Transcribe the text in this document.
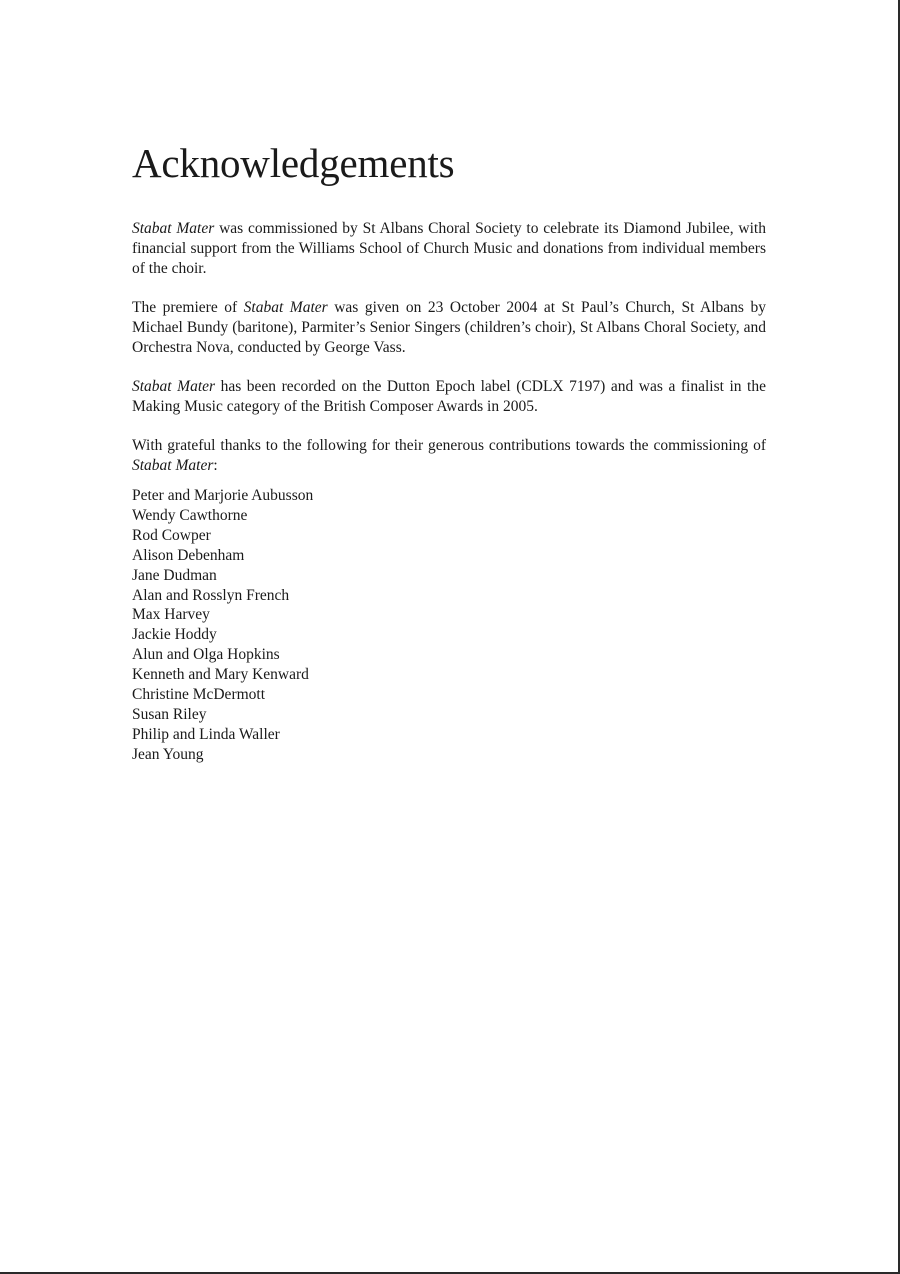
Acknowledgements

Stabat Mater was commissioned by St Albans Choral Society to celebrate its Diamond Jubilee, with financial support from the Williams School of Church Music and donations from individual members of the choir.

The premiere of Stabat Mater was given on 23 October 2004 at St Paul’s Church, St Albans by Michael Bundy (baritone), Parmiter’s Senior Singers (children’s choir), St Albans Choral Society, and Orchestra Nova, conducted by George Vass.

Stabat Mater has been recorded on the Dutton Epoch label (CDLX 7197) and was a finalist in the Making Music category of the British Composer Awards in 2005.

With grateful thanks to the following for their generous contributions towards the commissioning of Stabat Mater:

Peter and Marjorie Aubusson
Wendy Cawthorne
Rod Cowper
Alison Debenham
Jane Dudman
Alan and Rosslyn French
Max Harvey
Jackie Hoddy
Alun and Olga Hopkins
Kenneth and Mary Kenward
Christine McDermott
Susan Riley
Philip and Linda Waller
Jean Young
